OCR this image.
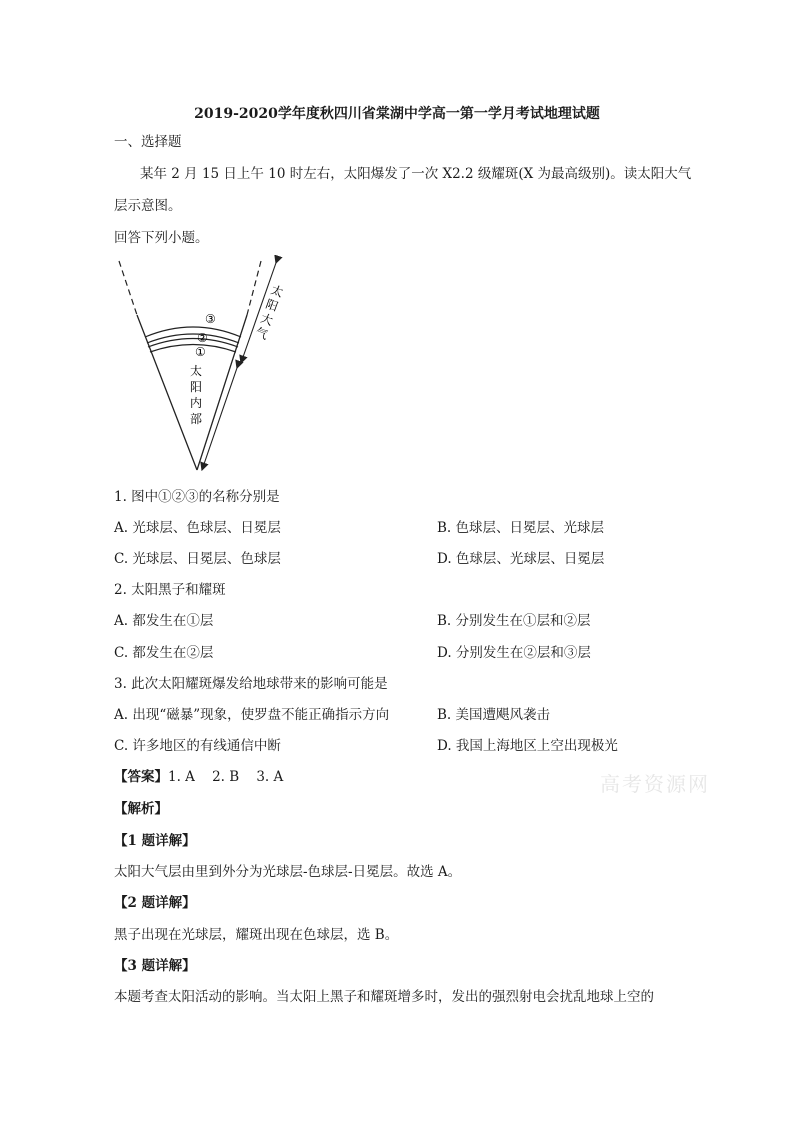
2019-2020学年度秋四川省棠湖中学高一第一学月考试地理试题
一、选择题
某年 2 月 15 日上午 10 时左右，太阳爆发了一次 X2.2 级耀斑(X 为最高级别)。读太阳大气
层示意图。
回答下列小题。
③
②
①
太
阳
内
部
太
阳
大
气
1. 图中①②③的名称分别是
A. 光球层、色球层、日冕层	B. 色球层、日冕层、光球层
C. 光球层、日冕层、色球层	D. 色球层、光球层、日冕层
2. 太阳黑子和耀斑
A. 都发生在①层	B. 分别发生在①层和②层
C. 都发生在②层	D. 分别发生在②层和③层
3. 此次太阳耀斑爆发给地球带来的影响可能是
A. 出现“磁暴”现象，使罗盘不能正确指示方向	B. 美国遭飓风袭击
C. 许多地区的有线通信中断	D. 我国上海地区上空出现极光
【答案】1. A    2. B    3. A	高考资源网
【解析】
【1 题详解】
太阳大气层由里到外分为光球层-色球层-日冕层。故选 A。
【2 题详解】
黑子出现在光球层，耀斑出现在色球层，选 B。
【3 题详解】
本题考查太阳活动的影响。当太阳上黑子和耀斑增多时，发出的强烈射电会扰乱地球上空的
